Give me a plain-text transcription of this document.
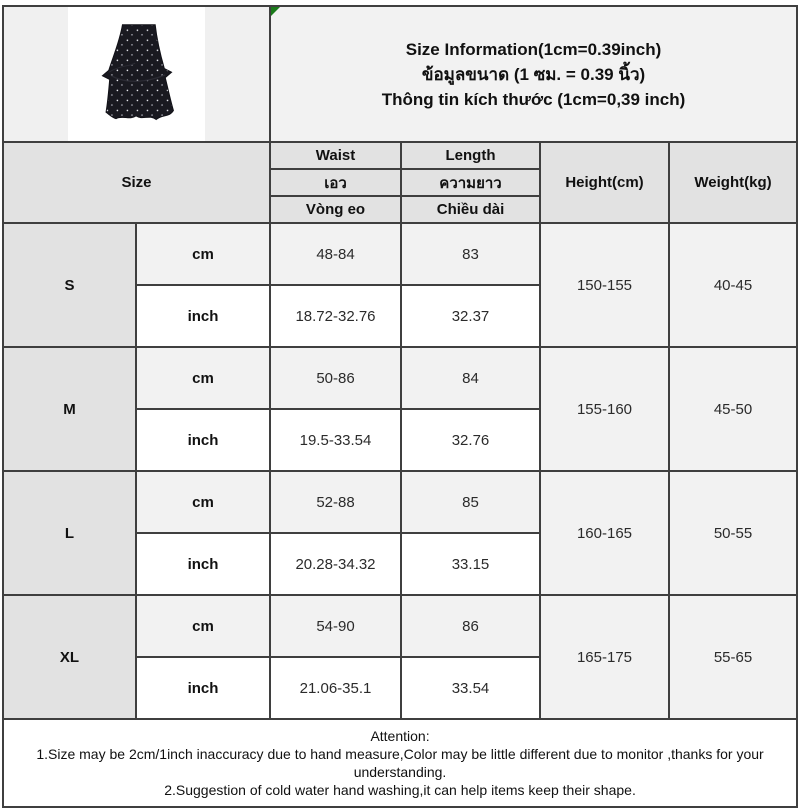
Size Information(1cm=0.39inch)
ข้อมูลขนาด (1 ซม. = 0.39 นิ้ว)
Thông tin kích thước (1cm=0,39 inch)			

Size		Waist	Length	Height(cm)	Weight(kg)
		เอว	ความยาว		
		Vòng eo	Chiều dài		
S	cm	48-84	83	150-155	40-45
	inch	18.72-32.76	32.37		
M	cm	50-86	84	155-160	45-50
	inch	19.5-33.54	32.76		
L	cm	52-88	85	160-165	50-55
	inch	20.28-34.32	33.15		
XL	cm	54-90	86	165-175	55-65
	inch	21.06-35.1	33.54		

Attention:
1.Size may be 2cm/1inch inaccuracy due to hand measure,Color may be little different due to monitor ,thanks for your understanding.
2.Suggestion of cold water hand washing,it can help items keep their shape.					
